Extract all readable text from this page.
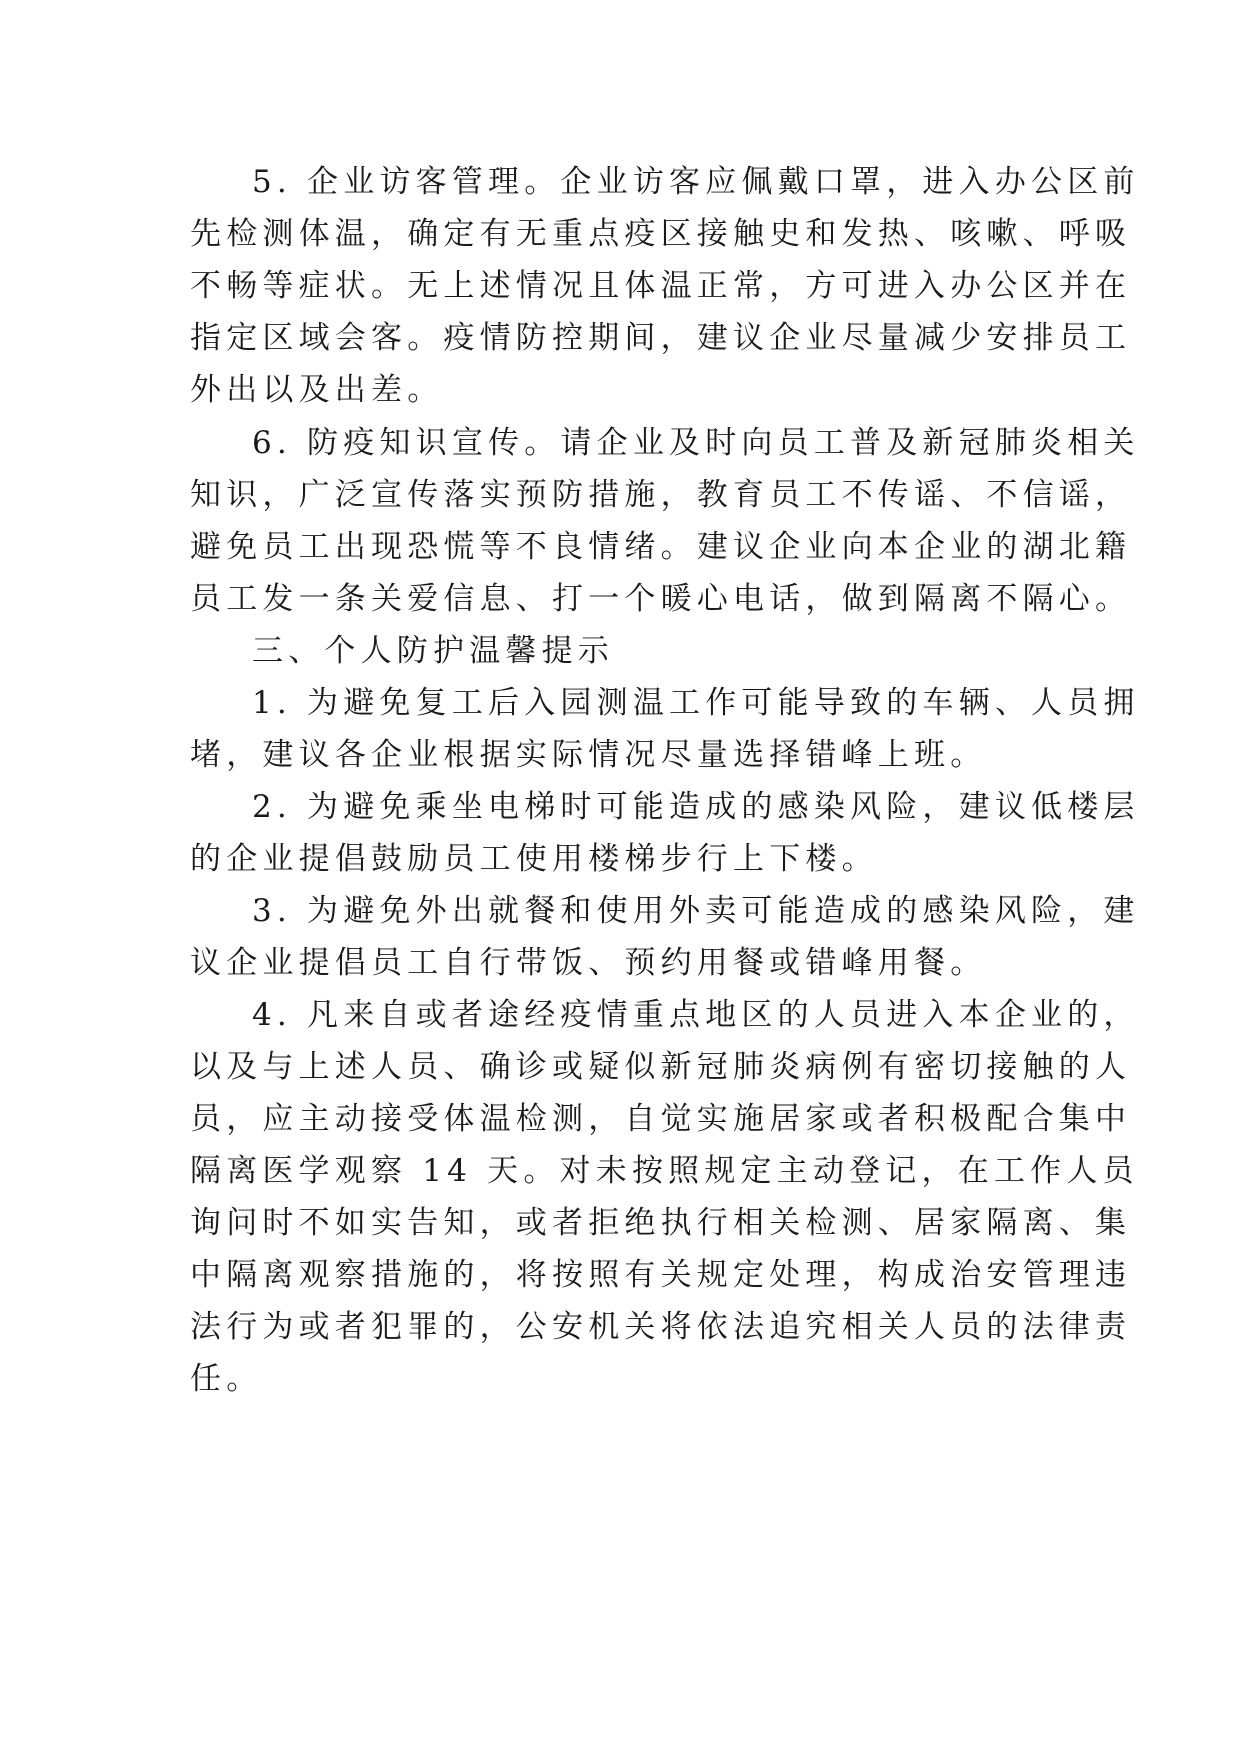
5. 企业访客管理。企业访客应佩戴口罩，进入办公区前

先检测体温，确定有无重点疫区接触史和发热、咳嗽、呼吸

不畅等症状。无上述情况且体温正常，方可进入办公区并在

指定区域会客。疫情防控期间，建议企业尽量减少安排员工

外出以及出差。

6. 防疫知识宣传。请企业及时向员工普及新冠肺炎相关

知识，广泛宣传落实预防措施，教育员工不传谣、不信谣，

避免员工出现恐慌等不良情绪。建议企业向本企业的湖北籍

员工发一条关爱信息、打一个暖心电话，做到隔离不隔心。

三、个人防护温馨提示

1. 为避免复工后入园测温工作可能导致的车辆、人员拥

堵，建议各企业根据实际情况尽量选择错峰上班。

2. 为避免乘坐电梯时可能造成的感染风险，建议低楼层

的企业提倡鼓励员工使用楼梯步行上下楼。

3. 为避免外出就餐和使用外卖可能造成的感染风险，建

议企业提倡员工自行带饭、预约用餐或错峰用餐。

4. 凡来自或者途经疫情重点地区的人员进入本企业的，

以及与上述人员、确诊或疑似新冠肺炎病例有密切接触的人

员，应主动接受体温检测，自觉实施居家或者积极配合集中

隔离医学观察 14 天。对未按照规定主动登记，在工作人员

询问时不如实告知，或者拒绝执行相关检测、居家隔离、集

中隔离观察措施的，将按照有关规定处理，构成治安管理违

法行为或者犯罪的，公安机关将依法追究相关人员的法律责

任。
